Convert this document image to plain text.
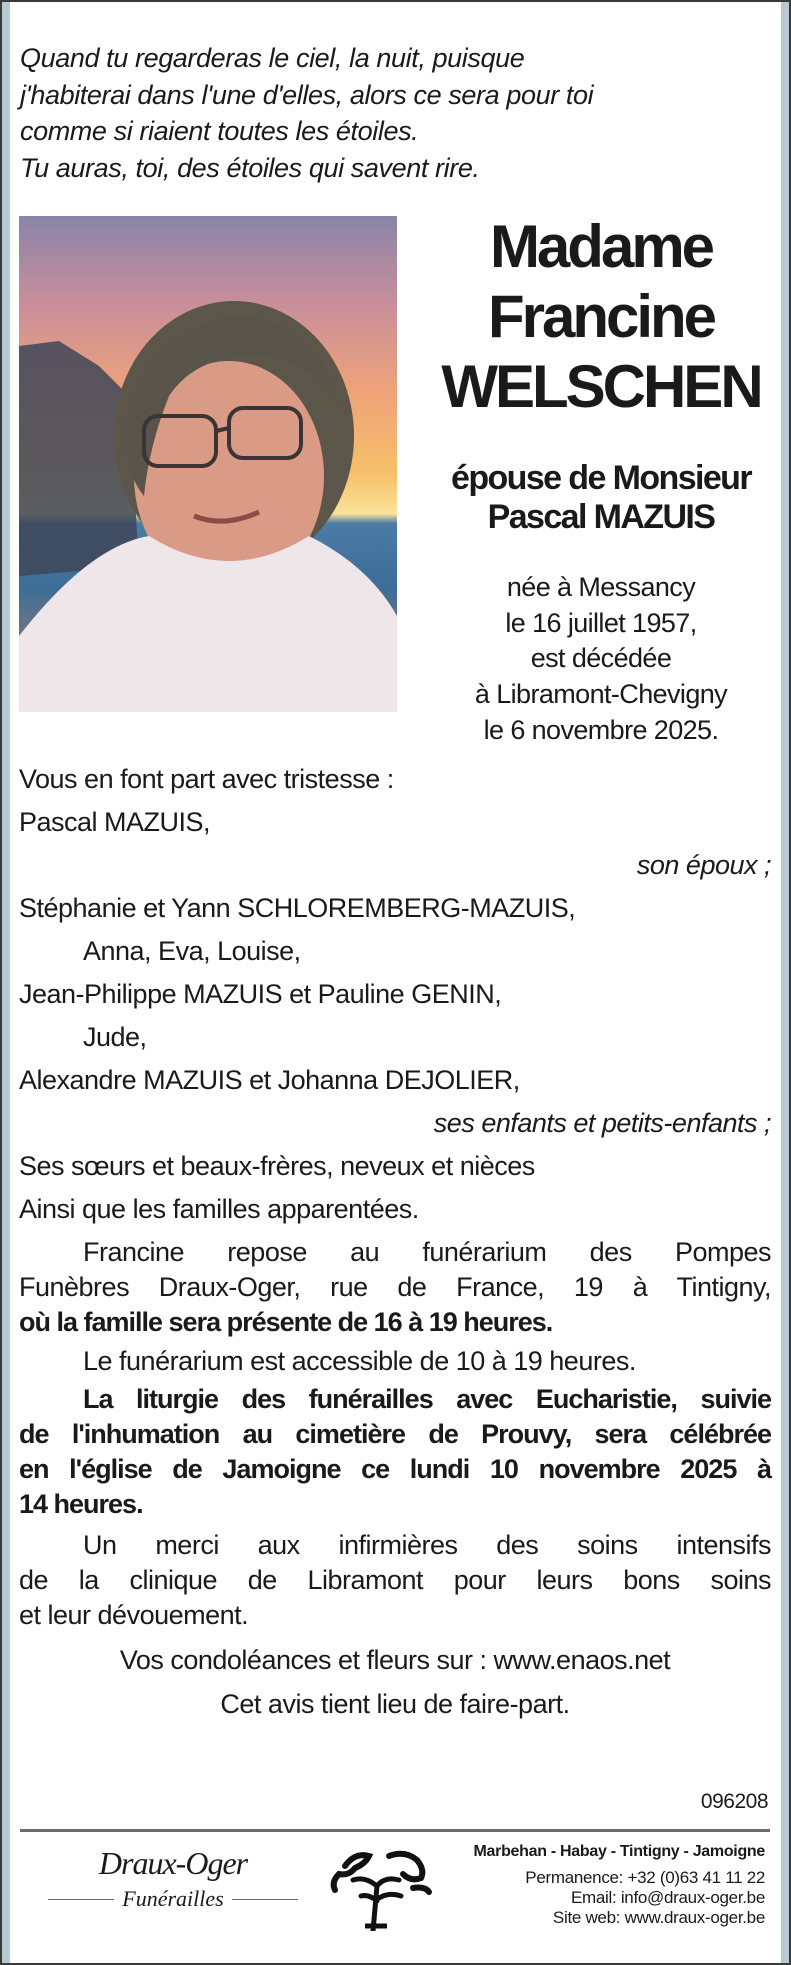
Quand tu regarderas le ciel, la nuit, puisque
j'habiterai dans l'une d'elles, alors ce sera pour toi
comme si riaient toutes les étoiles.
Tu auras, toi, des étoiles qui savent rire.
Madame
Francine
WELSCHEN
épouse de Monsieur
Pascal MAZUIS
née à Messancy
le 16 juillet 1957,
est décédée
à Libramont-Chevigny
le 6 novembre 2025.
Vous en font part avec tristesse :
Pascal MAZUIS,
son époux ;
Stéphanie et Yann SCHLOREMBERG-MAZUIS,
Anna, Eva, Louise,
Jean-Philippe MAZUIS et Pauline GENIN,
Jude,
Alexandre MAZUIS et Johanna DEJOLIER,
ses enfants et petits-enfants ;
Ses sœurs et beaux-frères, neveux et nièces
Ainsi que les familles apparentées.
Francine repose au funérarium des Pompes
Funèbres Draux-Oger, rue de France, 19 à Tintigny,
où la famille sera présente de 16 à 19 heures.
Le funérarium est accessible de 10 à 19 heures.
La liturgie des funérailles avec Eucharistie, suivie
de l'inhumation au cimetière de Prouvy, sera célébrée
en l'église de Jamoigne ce lundi 10 novembre 2025 à
14 heures.
Un merci aux infirmières des soins intensifs
de la clinique de Libramont pour leurs bons soins
et leur dévouement.
Vos condoléances et fleurs sur : www.enaos.net
Cet avis tient lieu de faire-part.
096208
Draux-Oger
Funérailles
Marbehan - Habay - Tintigny - Jamoigne
Permanence: +32 (0)63 41 11 22
Email: info@draux-oger.be
Site web: www.draux-oger.be
